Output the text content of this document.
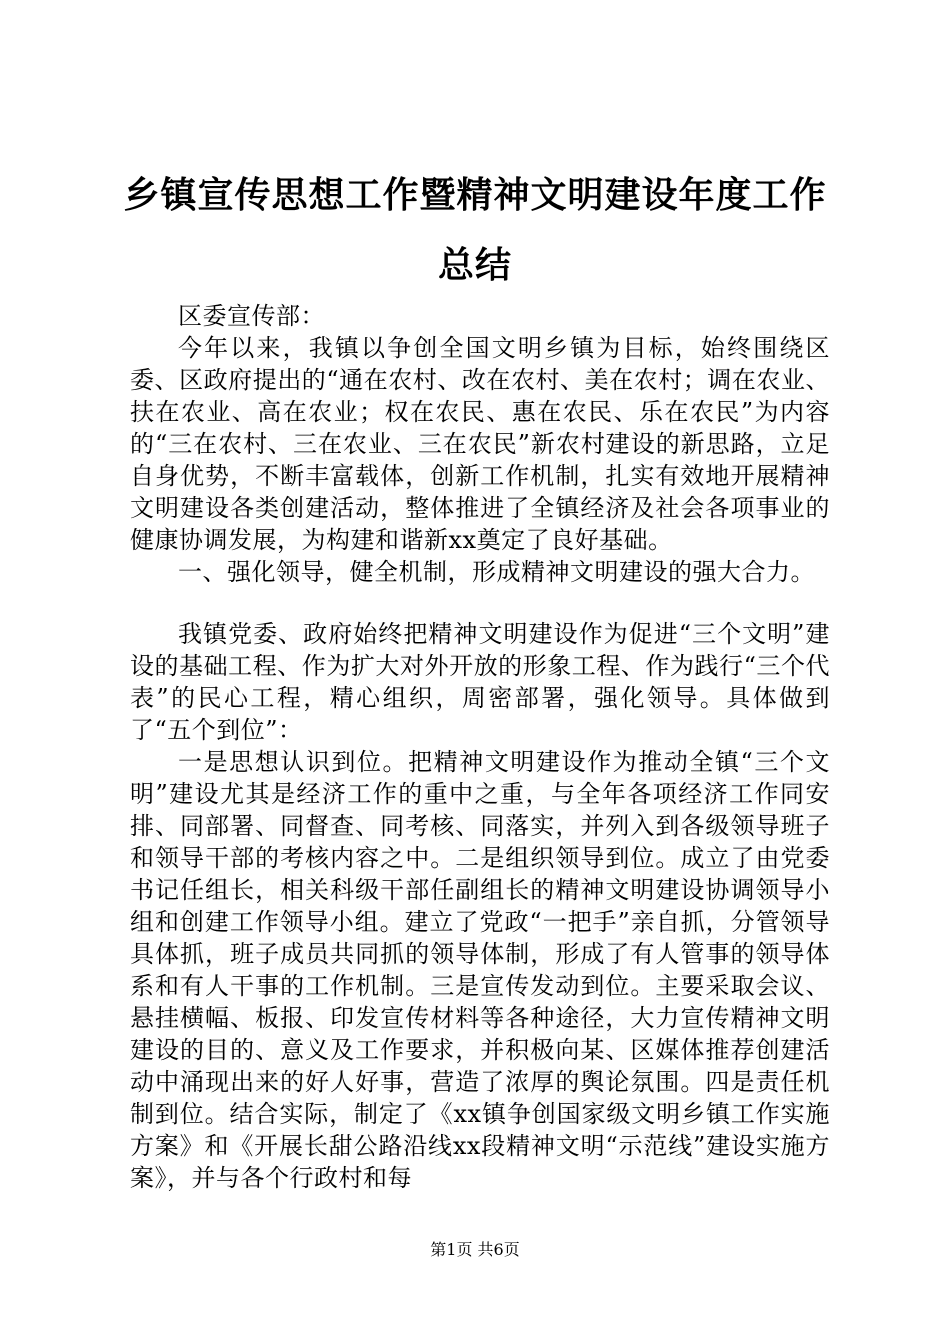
乡镇宣传思想工作暨精神文明建设年度工作总结

区委宣传部：

今年以来，我镇以争创全国文明乡镇为目标，始终围绕区委、区政府提出的“通在农村、改在农村、美在农村；调在农业、扶在农业、高在农业；权在农民、惠在农民、乐在农民”为内容的“三在农村、三在农业、三在农民”新农村建设的新思路，立足自身优势，不断丰富载体，创新工作机制，扎实有效地开展精神文明建设各类创建活动，整体推进了全镇经济及社会各项事业的健康协调发展，为构建和谐新xx奠定了良好基础。

一、强化领导，健全机制，形成精神文明建设的强大合力。

我镇党委、政府始终把精神文明建设作为促进“三个文明”建设的基础工程、作为扩大对外开放的形象工程、作为践行“三个代表”的民心工程，精心组织，周密部署，强化领导。具体做到了“五个到位”：

一是思想认识到位。把精神文明建设作为推动全镇“三个文明”建设尤其是经济工作的重中之重，与全年各项经济工作同安排、同部署、同督查、同考核、同落实，并列入到各级领导班子和领导干部的考核内容之中。二是组织领导到位。成立了由党委书记任组长，相关科级干部任副组长的精神文明建设协调领导小组和创建工作领导小组。建立了党政“一把手”亲自抓，分管领导具体抓，班子成员共同抓的领导体制，形成了有人管事的领导体系和有人干事的工作机制。三是宣传发动到位。主要采取会议、悬挂横幅、板报、印发宣传材料等各种途径，大力宣传精神文明建设的目的、意义及工作要求，并积极向某、区媒体推荐创建活动中涌现出来的好人好事，营造了浓厚的舆论氛围。四是责任机制到位。结合实际，制定了《xx镇争创国家级文明乡镇工作实施方案》和《开展长甜公路沿线xx段精神文明“示范线”建设实施方案》，并与各个行政村和每

第1页 共6页
